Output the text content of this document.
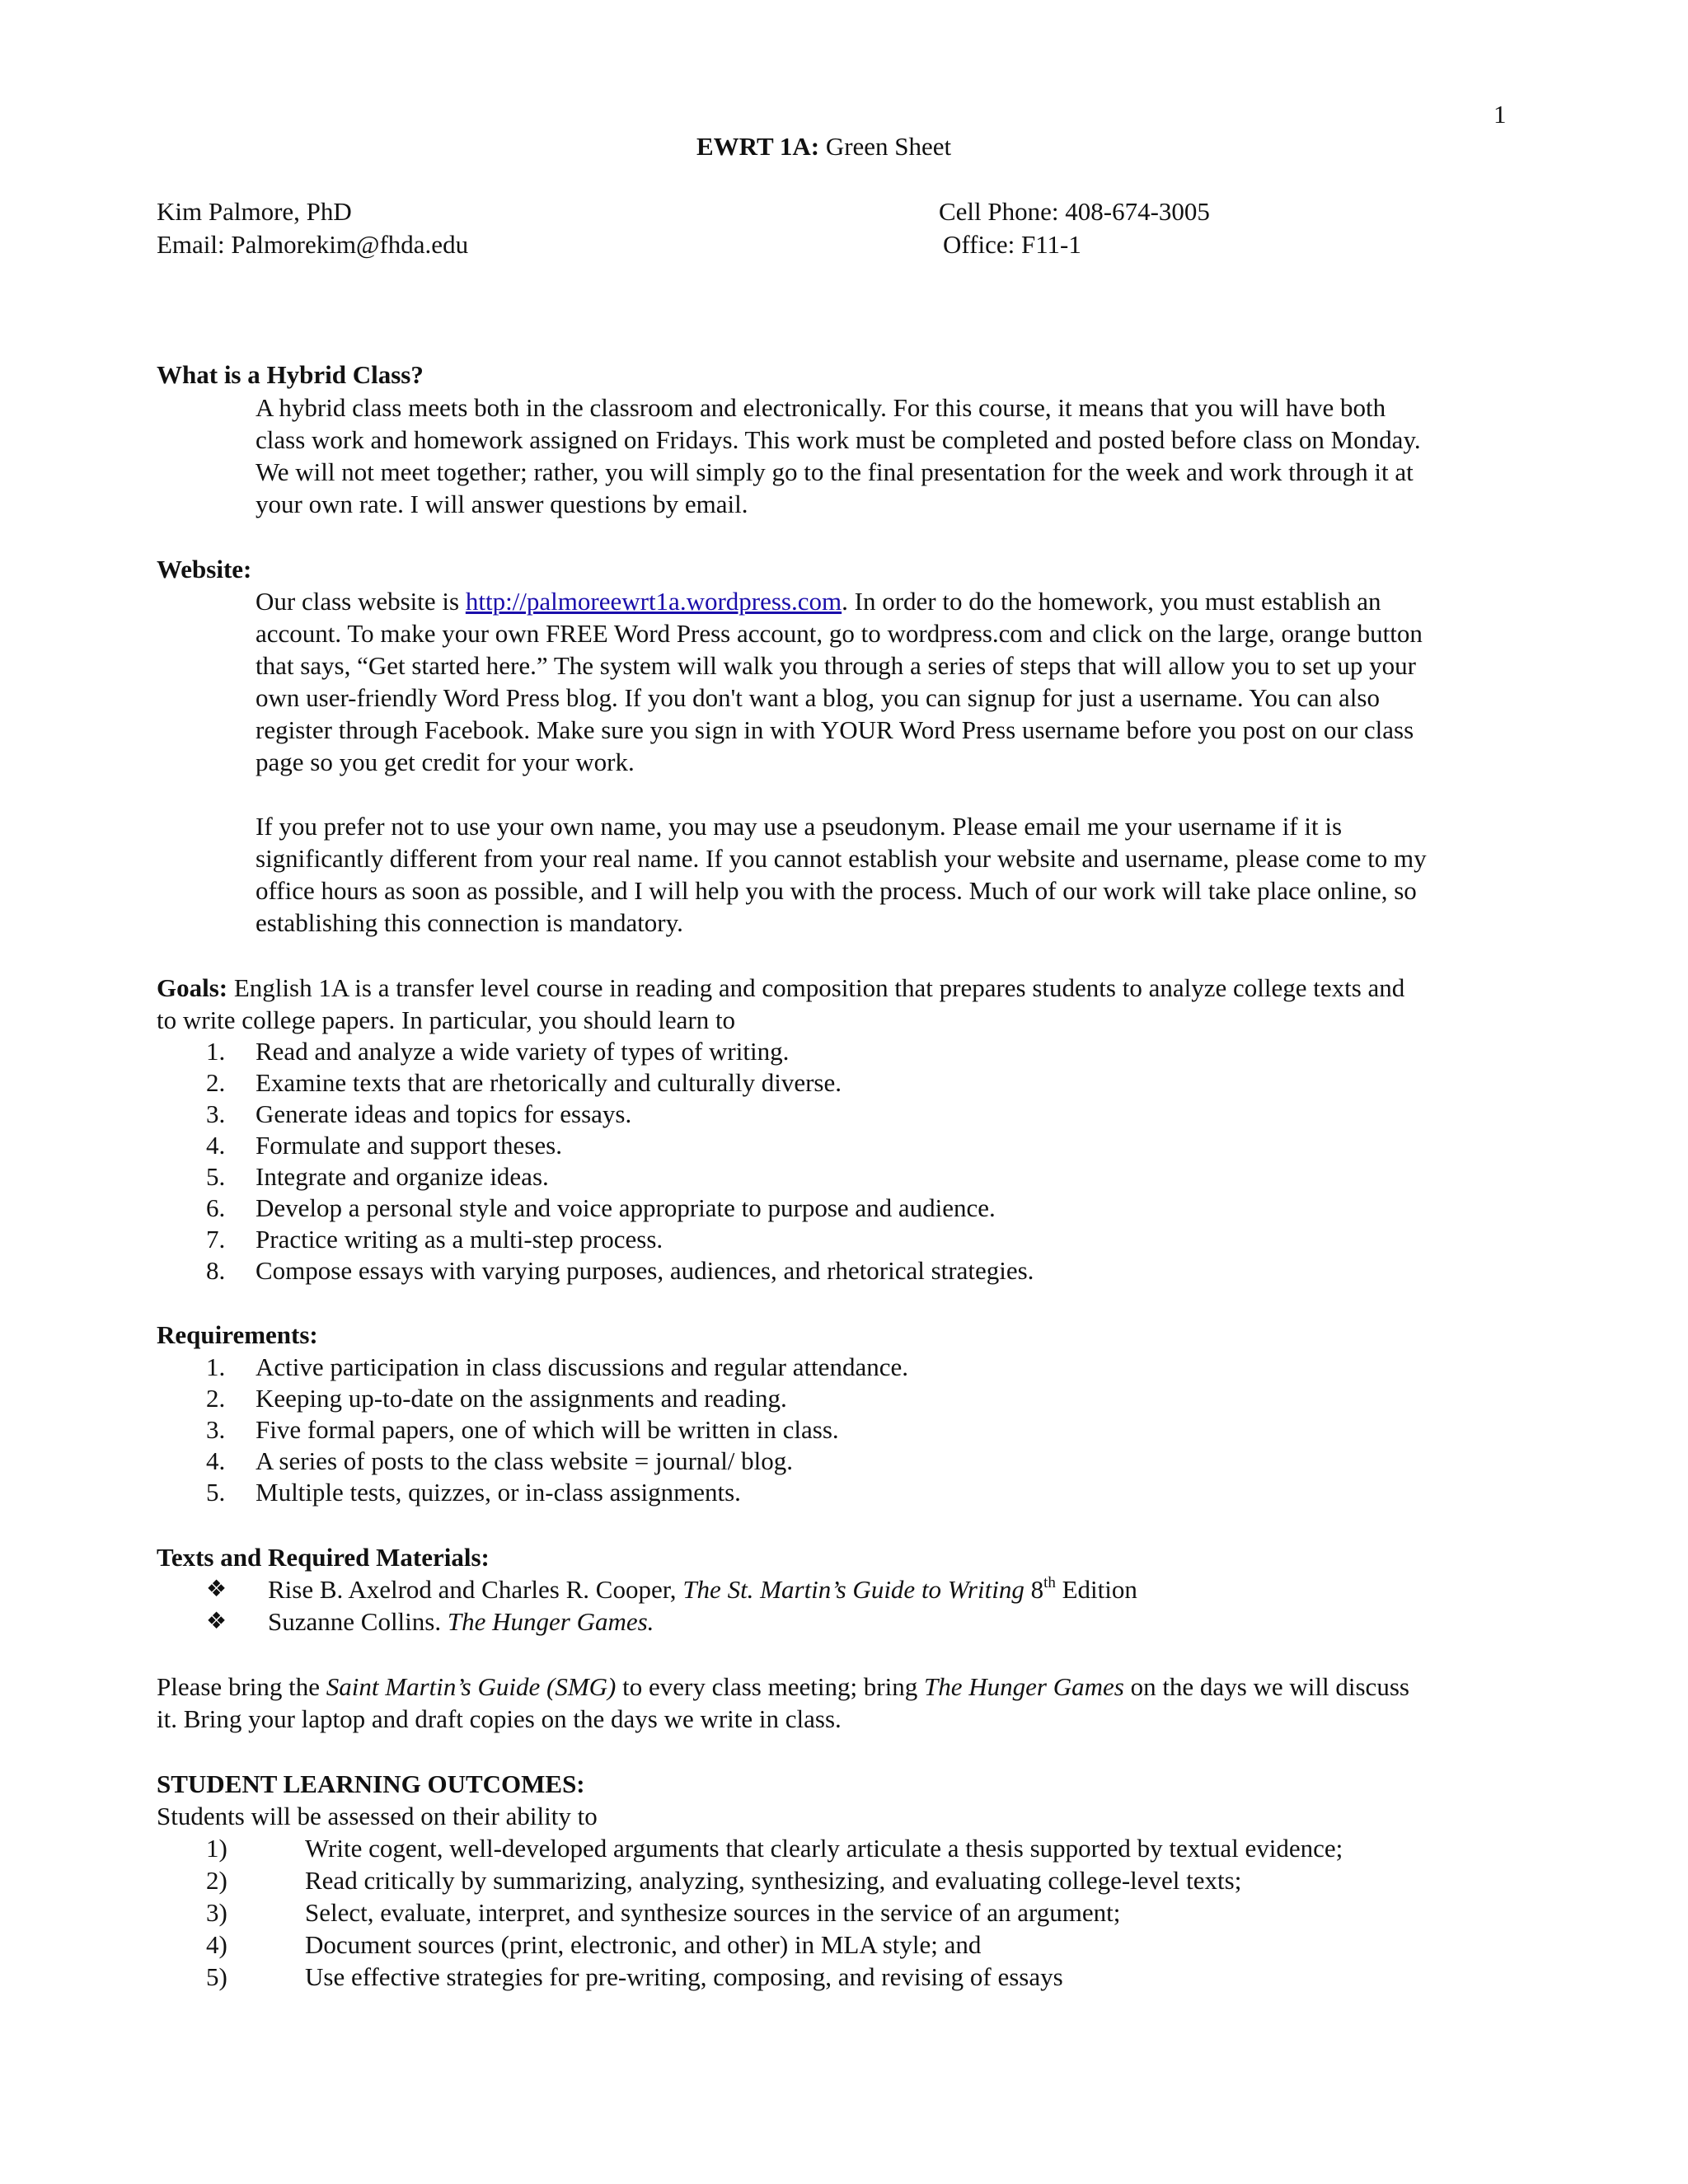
1
EWRT 1A: Green Sheet
Kim Palmore, PhD
Email: Palmorekim@fhda.edu
Cell Phone: 408-674-3005
Office: F11-1
What is a Hybrid Class?
A hybrid class meets both in the classroom and electronically. For this course, it means that you will have both
class work and homework assigned on Fridays. This work must be completed and posted before class on Monday.
We will not meet together; rather, you will simply go to the final presentation for the week and work through it at
your own rate. I will answer questions by email.
Website:
Our class website is http://palmoreewrt1a.wordpress.com. In order to do the homework, you must establish an
account. To make your own FREE Word Press account, go to wordpress.com and click on the large, orange button
that says, “Get started here.” The system will walk you through a series of steps that will allow you to set up your
own user-friendly Word Press blog. If you don't want a blog, you can signup for just a username. You can also
register through Facebook. Make sure you sign in with YOUR Word Press username before you post on our class
page so you get credit for your work.
If you prefer not to use your own name, you may use a pseudonym. Please email me your username if it is
significantly different from your real name. If you cannot establish your website and username, please come to my
office hours as soon as possible, and I will help you with the process. Much of our work will take place online, so
establishing this connection is mandatory.
Goals: English 1A is a transfer level course in reading and composition that prepares students to analyze college texts and
to write college papers. In particular, you should learn to
1. Read and analyze a wide variety of types of writing.
2. Examine texts that are rhetorically and culturally diverse.
3. Generate ideas and topics for essays.
4. Formulate and support theses.
5. Integrate and organize ideas.
6. Develop a personal style and voice appropriate to purpose and audience.
7. Practice writing as a multi-step process.
8. Compose essays with varying purposes, audiences, and rhetorical strategies.
Requirements:
1. Active participation in class discussions and regular attendance.
2. Keeping up-to-date on the assignments and reading.
3. Five formal papers, one of which will be written in class.
4. A series of posts to the class website = journal/ blog.
5. Multiple tests, quizzes, or in-class assignments.
Texts and Required Materials:
❖ Rise B. Axelrod and Charles R. Cooper, The St. Martin’s Guide to Writing 8th Edition
❖ Suzanne Collins. The Hunger Games.
Please bring the Saint Martin’s Guide (SMG) to every class meeting; bring The Hunger Games on the days we will discuss
it. Bring your laptop and draft copies on the days we write in class.
STUDENT LEARNING OUTCOMES:
Students will be assessed on their ability to
1)	Write cogent, well-developed arguments that clearly articulate a thesis supported by textual evidence;
2)	Read critically by summarizing, analyzing, synthesizing, and evaluating college-level texts;
3)	Select, evaluate, interpret, and synthesize sources in the service of an argument;
4)	Document sources (print, electronic, and other) in MLA style; and
5)	Use effective strategies for pre-writing, composing, and revising of essays
